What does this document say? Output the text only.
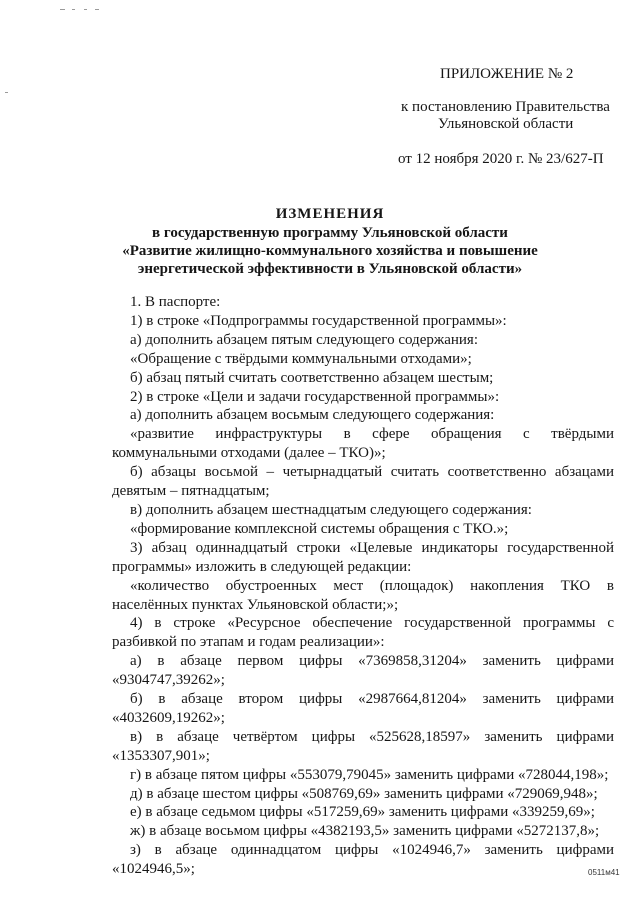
ПРИЛОЖЕНИЕ № 2
к постановлению Правительства
Ульяновской области
от 12 ноября 2020 г. № 23/627-П
ИЗМЕНЕНИЯ
в государственную программу Ульяновской области
«Развитие жилищно-коммунального хозяйства и повышение
энергетической эффективности в Ульяновской области»

1. В паспорте:

1) в строке «Подпрограммы государственной программы»:

а) дополнить абзацем пятым следующего содержания:

«Обращение с твёрдыми коммунальными отходами»;

б) абзац пятый считать соответственно абзацем шестым;

2) в строке «Цели и задачи государственной программы»:

а) дополнить абзацем восьмым следующего содержания:

«развитие инфраструктуры в сфере обращения с твёрдыми коммунальными отходами (далее – ТКО)»;

б) абзацы восьмой – четырнадцатый считать соответственно абзацами девятым – пятнадцатым;

в) дополнить абзацем шестнадцатым следующего содержания:

«формирование комплексной системы обращения с ТКО.»;

3) абзац одиннадцатый строки «Целевые индикаторы государственной программы» изложить в следующей редакции:

«количество обустроенных мест (площадок) накопления ТКО в населённых пунктах Ульяновской области;»;

4) в строке «Ресурсное обеспечение государственной программы с разбивкой по этапам и годам реализации»:

а) в абзаце первом цифры «7369858,31204» заменить цифрами «9304747,39262»;

б) в абзаце втором цифры «2987664,81204» заменить цифрами «4032609,19262»;

в) в абзаце четвёртом цифры «525628,18597» заменить цифрами «1353307,901»;

г) в абзаце пятом цифры «553079,79045» заменить цифрами «728044,198»;

д) в абзаце шестом цифры «508769,69» заменить цифрами «729069,948»;

е) в абзаце седьмом цифры «517259,69» заменить цифрами «339259,69»;

ж) в абзаце восьмом цифры «4382193,5» заменить цифрами «5272137,8»;

з) в абзаце одиннадцатом цифры «1024946,7» заменить цифрами «1024946,5»;	0511м41
